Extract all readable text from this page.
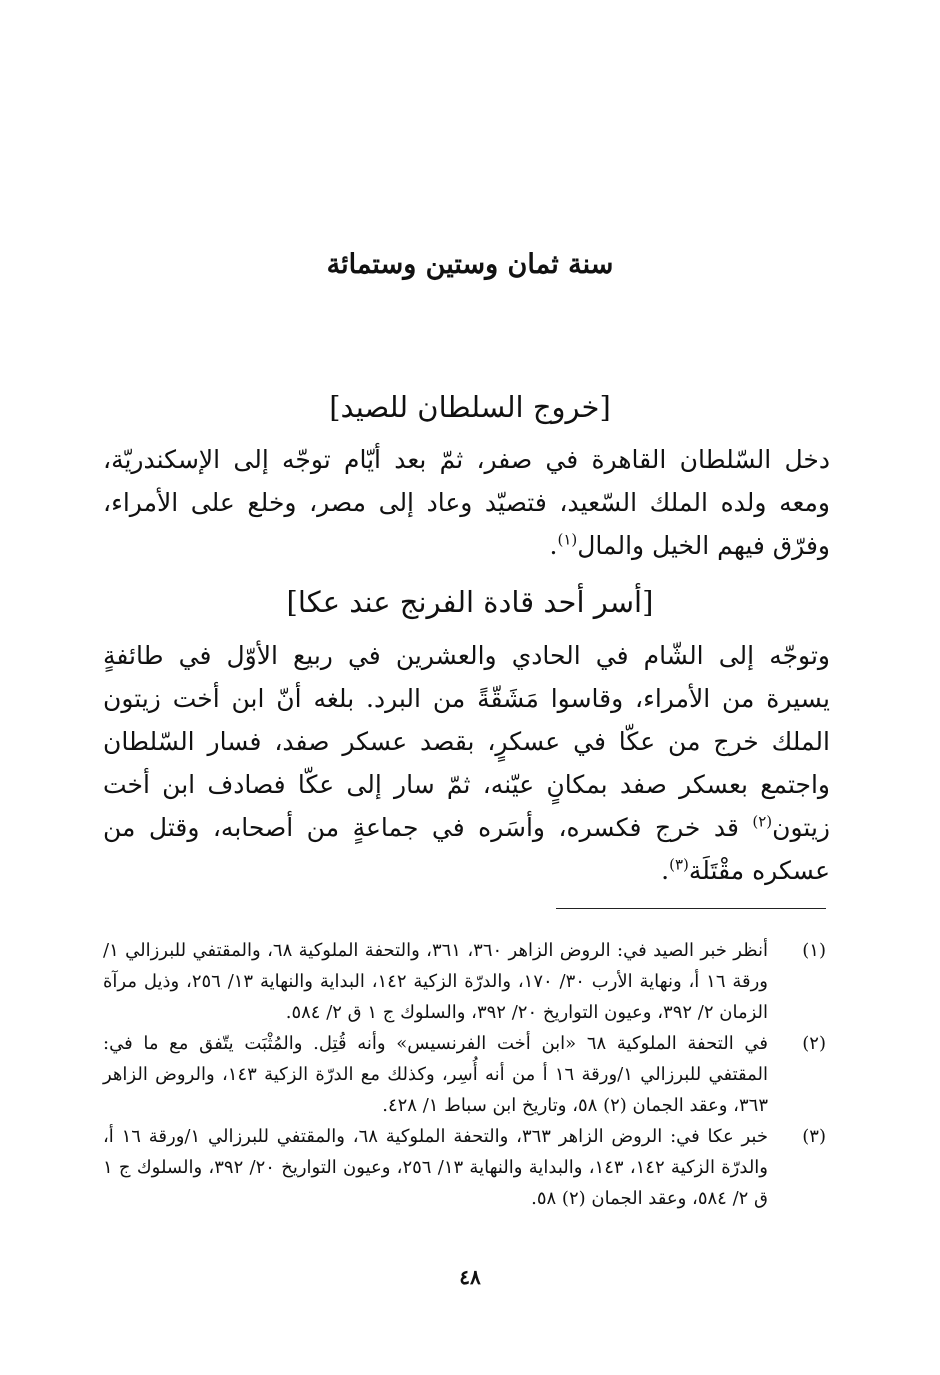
سنة ثمان وستين وستمائة
[خروج السلطان للصيد]

دخل السّلطان القاهرة في صفر، ثمّ بعد أيّام توجّه إلى الإسكندريّة، ومعه ولده الملك السّعيد، فتصيّد وعاد إلى مصر، وخلع على الأمراء، وفرّق فيهم الخيل والمال$^{(١)}$.

[أسر أحد قادة الفرنج عند عكا]

وتوجّه إلى الشّام في الحادي والعشرين في ربيع الأوّل في طائفةٍ يسيرة من الأمراء، وقاسوا مَشَقّةً من البرد. بلغه أنّ ابن أخت زيتون الملك خرج من عكّا في عسكرٍ، بقصد عسكر صفد، فسار السّلطان واجتمع بعسكر صفد بمكانٍ عيّنه، ثمّ سار إلى عكّا فصادف ابن أخت زيتون$^{(٢)}$ قد خرج فكسره، وأسَره في جماعةٍ من أصحابه، وقتل من عسكره مقْتَلَة$^{(٣)}$.

(١)
أنظر خبر الصيد في: الروض الزاهر ٣٦٠، ٣٦١، والتحفة الملوكية ٦٨، والمقتفي للبرزالي ١/ورقة ١٦ أ، ونهاية الأرب ٣٠/ ١٧٠، والدرّة الزكية ١٤٢، البداية والنهاية ١٣/ ٢٥٦، وذيل مرآة الزمان ٢/ ٣٩٢، وعيون التواريخ ٢٠/ ٣٩٢، والسلوك ج ١ ق ٢/ ٥٨٤.
(٢)
في التحفة الملوكية ٦٨ «ابن أخت الفرنسيس» وأنه قُتِل. والمُثْبَت يتّفق مع ما في: المقتفي للبرزالي ١/ورقة ١٦ أ من أنه أُسِر، وكذلك مع الدرّة الزكية ١٤٣، والروض الزاهر ٣٦٣، وعقد الجمان (٢) ٥٨، وتاريخ ابن سباط ١/ ٤٢٨.
(٣)
خبر عكا في: الروض الزاهر ٣٦٣، والتحفة الملوكية ٦٨، والمقتفي للبرزالي ١/ورقة ١٦ أ، والدرّة الزكية ١٤٢، ١٤٣، والبداية والنهاية ١٣/ ٢٥٦، وعيون التواريخ ٢٠/ ٣٩٢، والسلوك ج ١ ق ٢/ ٥٨٤، وعقد الجمان (٢) ٥٨.
٤٨
